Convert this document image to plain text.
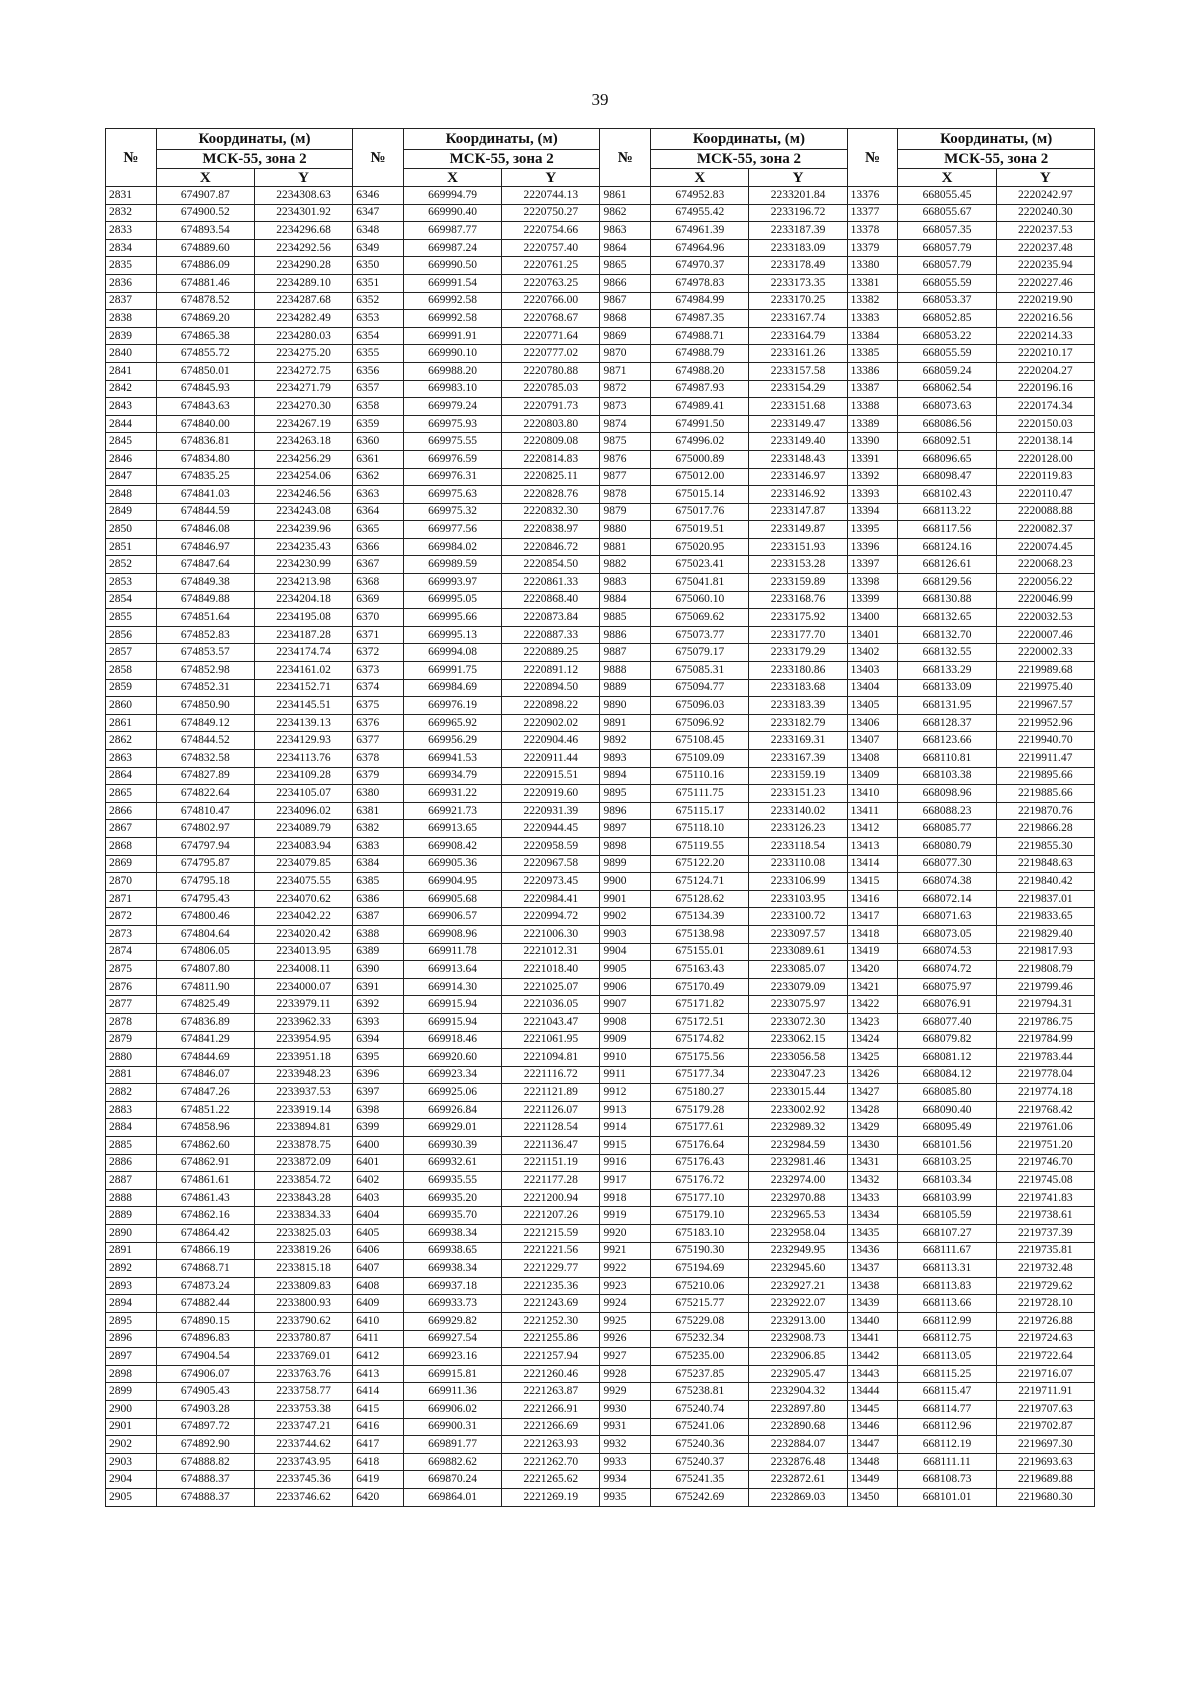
39
№	Координаты, (м)		№	Координаты, (м)		№	Координаты, (м)		№	Координаты, (м)	
	МСК-55, зона 2			МСК-55, зона 2			МСК-55, зона 2			МСК-55, зона 2	
	X	Y		X	Y		X	Y		X	Y
2831	674907.87	2234308.63	6346	669994.79	2220744.13	9861	674952.83	2233201.84	13376	668055.45	2220242.97
2832	674900.52	2234301.92	6347	669990.40	2220750.27	9862	674955.42	2233196.72	13377	668055.67	2220240.30
2833	674893.54	2234296.68	6348	669987.77	2220754.66	9863	674961.39	2233187.39	13378	668057.35	2220237.53
2834	674889.60	2234292.56	6349	669987.24	2220757.40	9864	674964.96	2233183.09	13379	668057.79	2220237.48
2835	674886.09	2234290.28	6350	669990.50	2220761.25	9865	674970.37	2233178.49	13380	668057.79	2220235.94
2836	674881.46	2234289.10	6351	669991.54	2220763.25	9866	674978.83	2233173.35	13381	668055.59	2220227.46
2837	674878.52	2234287.68	6352	669992.58	2220766.00	9867	674984.99	2233170.25	13382	668053.37	2220219.90
2838	674869.20	2234282.49	6353	669992.58	2220768.67	9868	674987.35	2233167.74	13383	668052.85	2220216.56
2839	674865.38	2234280.03	6354	669991.91	2220771.64	9869	674988.71	2233164.79	13384	668053.22	2220214.33
2840	674855.72	2234275.20	6355	669990.10	2220777.02	9870	674988.79	2233161.26	13385	668055.59	2220210.17
2841	674850.01	2234272.75	6356	669988.20	2220780.88	9871	674988.20	2233157.58	13386	668059.24	2220204.27
2842	674845.93	2234271.79	6357	669983.10	2220785.03	9872	674987.93	2233154.29	13387	668062.54	2220196.16
2843	674843.63	2234270.30	6358	669979.24	2220791.73	9873	674989.41	2233151.68	13388	668073.63	2220174.34
2844	674840.00	2234267.19	6359	669975.93	2220803.80	9874	674991.50	2233149.47	13389	668086.56	2220150.03
2845	674836.81	2234263.18	6360	669975.55	2220809.08	9875	674996.02	2233149.40	13390	668092.51	2220138.14
2846	674834.80	2234256.29	6361	669976.59	2220814.83	9876	675000.89	2233148.43	13391	668096.65	2220128.00
2847	674835.25	2234254.06	6362	669976.31	2220825.11	9877	675012.00	2233146.97	13392	668098.47	2220119.83
2848	674841.03	2234246.56	6363	669975.63	2220828.76	9878	675015.14	2233146.92	13393	668102.43	2220110.47
2849	674844.59	2234243.08	6364	669975.32	2220832.30	9879	675017.76	2233147.87	13394	668113.22	2220088.88
2850	674846.08	2234239.96	6365	669977.56	2220838.97	9880	675019.51	2233149.87	13395	668117.56	2220082.37
2851	674846.97	2234235.43	6366	669984.02	2220846.72	9881	675020.95	2233151.93	13396	668124.16	2220074.45
2852	674847.64	2234230.99	6367	669989.59	2220854.50	9882	675023.41	2233153.28	13397	668126.61	2220068.23
2853	674849.38	2234213.98	6368	669993.97	2220861.33	9883	675041.81	2233159.89	13398	668129.56	2220056.22
2854	674849.88	2234204.18	6369	669995.05	2220868.40	9884	675060.10	2233168.76	13399	668130.88	2220046.99
2855	674851.64	2234195.08	6370	669995.66	2220873.84	9885	675069.62	2233175.92	13400	668132.65	2220032.53
2856	674852.83	2234187.28	6371	669995.13	2220887.33	9886	675073.77	2233177.70	13401	668132.70	2220007.46
2857	674853.57	2234174.74	6372	669994.08	2220889.25	9887	675079.17	2233179.29	13402	668132.55	2220002.33
2858	674852.98	2234161.02	6373	669991.75	2220891.12	9888	675085.31	2233180.86	13403	668133.29	2219989.68
2859	674852.31	2234152.71	6374	669984.69	2220894.50	9889	675094.77	2233183.68	13404	668133.09	2219975.40
2860	674850.90	2234145.51	6375	669976.19	2220898.22	9890	675096.03	2233183.39	13405	668131.95	2219967.57
2861	674849.12	2234139.13	6376	669965.92	2220902.02	9891	675096.92	2233182.79	13406	668128.37	2219952.96
2862	674844.52	2234129.93	6377	669956.29	2220904.46	9892	675108.45	2233169.31	13407	668123.66	2219940.70
2863	674832.58	2234113.76	6378	669941.53	2220911.44	9893	675109.09	2233167.39	13408	668110.81	2219911.47
2864	674827.89	2234109.28	6379	669934.79	2220915.51	9894	675110.16	2233159.19	13409	668103.38	2219895.66
2865	674822.64	2234105.07	6380	669931.22	2220919.60	9895	675111.75	2233151.23	13410	668098.96	2219885.66
2866	674810.47	2234096.02	6381	669921.73	2220931.39	9896	675115.17	2233140.02	13411	668088.23	2219870.76
2867	674802.97	2234089.79	6382	669913.65	2220944.45	9897	675118.10	2233126.23	13412	668085.77	2219866.28
2868	674797.94	2234083.94	6383	669908.42	2220958.59	9898	675119.55	2233118.54	13413	668080.79	2219855.30
2869	674795.87	2234079.85	6384	669905.36	2220967.58	9899	675122.20	2233110.08	13414	668077.30	2219848.63
2870	674795.18	2234075.55	6385	669904.95	2220973.45	9900	675124.71	2233106.99	13415	668074.38	2219840.42
2871	674795.43	2234070.62	6386	669905.68	2220984.41	9901	675128.62	2233103.95	13416	668072.14	2219837.01
2872	674800.46	2234042.22	6387	669906.57	2220994.72	9902	675134.39	2233100.72	13417	668071.63	2219833.65
2873	674804.64	2234020.42	6388	669908.96	2221006.30	9903	675138.98	2233097.57	13418	668073.05	2219829.40
2874	674806.05	2234013.95	6389	669911.78	2221012.31	9904	675155.01	2233089.61	13419	668074.53	2219817.93
2875	674807.80	2234008.11	6390	669913.64	2221018.40	9905	675163.43	2233085.07	13420	668074.72	2219808.79
2876	674811.90	2234000.07	6391	669914.30	2221025.07	9906	675170.49	2233079.09	13421	668075.97	2219799.46
2877	674825.49	2233979.11	6392	669915.94	2221036.05	9907	675171.82	2233075.97	13422	668076.91	2219794.31
2878	674836.89	2233962.33	6393	669915.94	2221043.47	9908	675172.51	2233072.30	13423	668077.40	2219786.75
2879	674841.29	2233954.95	6394	669918.46	2221061.95	9909	675174.82	2233062.15	13424	668079.82	2219784.99
2880	674844.69	2233951.18	6395	669920.60	2221094.81	9910	675175.56	2233056.58	13425	668081.12	2219783.44
2881	674846.07	2233948.23	6396	669923.34	2221116.72	9911	675177.34	2233047.23	13426	668084.12	2219778.04
2882	674847.26	2233937.53	6397	669925.06	2221121.89	9912	675180.27	2233015.44	13427	668085.80	2219774.18
2883	674851.22	2233919.14	6398	669926.84	2221126.07	9913	675179.28	2233002.92	13428	668090.40	2219768.42
2884	674858.96	2233894.81	6399	669929.01	2221128.54	9914	675177.61	2232989.32	13429	668095.49	2219761.06
2885	674862.60	2233878.75	6400	669930.39	2221136.47	9915	675176.64	2232984.59	13430	668101.56	2219751.20
2886	674862.91	2233872.09	6401	669932.61	2221151.19	9916	675176.43	2232981.46	13431	668103.25	2219746.70
2887	674861.61	2233854.72	6402	669935.55	2221177.28	9917	675176.72	2232974.00	13432	668103.34	2219745.08
2888	674861.43	2233843.28	6403	669935.20	2221200.94	9918	675177.10	2232970.88	13433	668103.99	2219741.83
2889	674862.16	2233834.33	6404	669935.70	2221207.26	9919	675179.10	2232965.53	13434	668105.59	2219738.61
2890	674864.42	2233825.03	6405	669938.34	2221215.59	9920	675183.10	2232958.04	13435	668107.27	2219737.39
2891	674866.19	2233819.26	6406	669938.65	2221221.56	9921	675190.30	2232949.95	13436	668111.67	2219735.81
2892	674868.71	2233815.18	6407	669938.34	2221229.77	9922	675194.69	2232945.60	13437	668113.31	2219732.48
2893	674873.24	2233809.83	6408	669937.18	2221235.36	9923	675210.06	2232927.21	13438	668113.83	2219729.62
2894	674882.44	2233800.93	6409	669933.73	2221243.69	9924	675215.77	2232922.07	13439	668113.66	2219728.10
2895	674890.15	2233790.62	6410	669929.82	2221252.30	9925	675229.08	2232913.00	13440	668112.99	2219726.88
2896	674896.83	2233780.87	6411	669927.54	2221255.86	9926	675232.34	2232908.73	13441	668112.75	2219724.63
2897	674904.54	2233769.01	6412	669923.16	2221257.94	9927	675235.00	2232906.85	13442	668113.05	2219722.64
2898	674906.07	2233763.76	6413	669915.81	2221260.46	9928	675237.85	2232905.47	13443	668115.25	2219716.07
2899	674905.43	2233758.77	6414	669911.36	2221263.87	9929	675238.81	2232904.32	13444	668115.47	2219711.91
2900	674903.28	2233753.38	6415	669906.02	2221266.91	9930	675240.74	2232897.80	13445	668114.77	2219707.63
2901	674897.72	2233747.21	6416	669900.31	2221266.69	9931	675241.06	2232890.68	13446	668112.96	2219702.87
2902	674892.90	2233744.62	6417	669891.77	2221263.93	9932	675240.36	2232884.07	13447	668112.19	2219697.30
2903	674888.82	2233743.95	6418	669882.62	2221262.70	9933	675240.37	2232876.48	13448	668111.11	2219693.63
2904	674888.37	2233745.36	6419	669870.24	2221265.62	9934	675241.35	2232872.61	13449	668108.73	2219689.88
2905	674888.37	2233746.62	6420	669864.01	2221269.19	9935	675242.69	2232869.03	13450	668101.01	2219680.30
